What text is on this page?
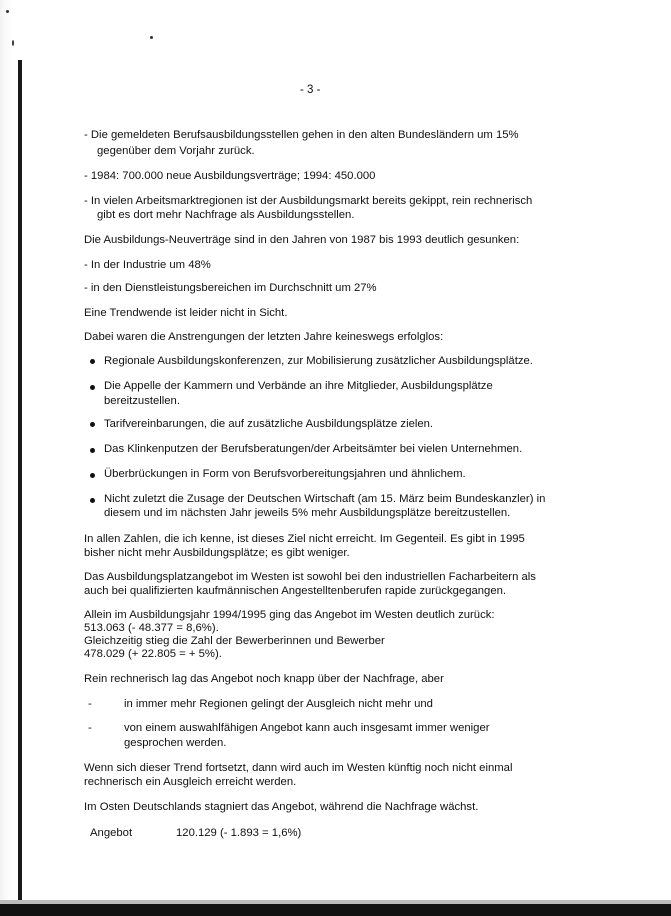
- 3 -
- Die gemeldeten Berufsausbildungsstellen gehen in den alten Bundesländern um 15%
gegenüber dem Vorjahr zurück.
- 1984: 700.000 neue Ausbildungsverträge; 1994: 450.000
- In vielen Arbeitsmarktregionen ist der Ausbildungsmarkt bereits gekippt, rein rechnerisch
gibt es dort mehr Nachfrage als Ausbildungsstellen.
Die Ausbildungs-Neuverträge sind in den Jahren von 1987 bis 1993 deutlich gesunken:
- In der Industrie um 48%
- in den Dienstleistungsbereichen im Durchschnitt um 27%
Eine Trendwende ist leider nicht in Sicht.
Dabei waren die Anstrengungen der letzten Jahre keineswegs erfolglos:
Regionale Ausbildungskonferenzen, zur Mobilisierung zusätzlicher Ausbildungsplätze.
Die Appelle der Kammern und Verbände an ihre Mitglieder, Ausbildungsplätze
bereitzustellen.
Tarifvereinbarungen, die auf zusätzliche Ausbildungsplätze zielen.
Das Klinkenputzen der Berufsberatungen/der Arbeitsämter bei vielen Unternehmen.
Überbrückungen in Form von Berufsvorbereitungsjahren und ähnlichem.
Nicht zuletzt die Zusage der Deutschen Wirtschaft (am 15. März beim Bundeskanzler) in
diesem und im nächsten Jahr jeweils 5% mehr Ausbildungsplätze bereitzustellen.
In allen Zahlen, die ich kenne, ist dieses Ziel nicht erreicht. Im Gegenteil. Es gibt in 1995
bisher nicht mehr Ausbildungsplätze; es gibt weniger.
Das Ausbildungsplatzangebot im Westen ist sowohl bei den industriellen Facharbeitern als
auch bei qualifizierten kaufmännischen Angestelltenberufen rapide zurückgegangen.
Allein im Ausbildungsjahr 1994/1995 ging das Angebot im Westen deutlich zurück:
513.063 (- 48.377 = 8,6%).
Gleichzeitig stieg die Zahl der Bewerberinnen und Bewerber
478.029 (+ 22.805 = + 5%).
Rein rechnerisch lag das Angebot noch knapp über der Nachfrage, aber
-	in immer mehr Regionen gelingt der Ausgleich nicht mehr und
-	von einem auswahlfähigen Angebot kann auch insgesamt immer weniger
gesprochen werden.
Wenn sich dieser Trend fortsetzt, dann wird auch im Westen künftig noch nicht einmal
rechnerisch ein Ausgleich erreicht werden.
Im Osten Deutschlands stagniert das Angebot, während die Nachfrage wächst.
Angebot	120.129 (- 1.893 = 1,6%)
